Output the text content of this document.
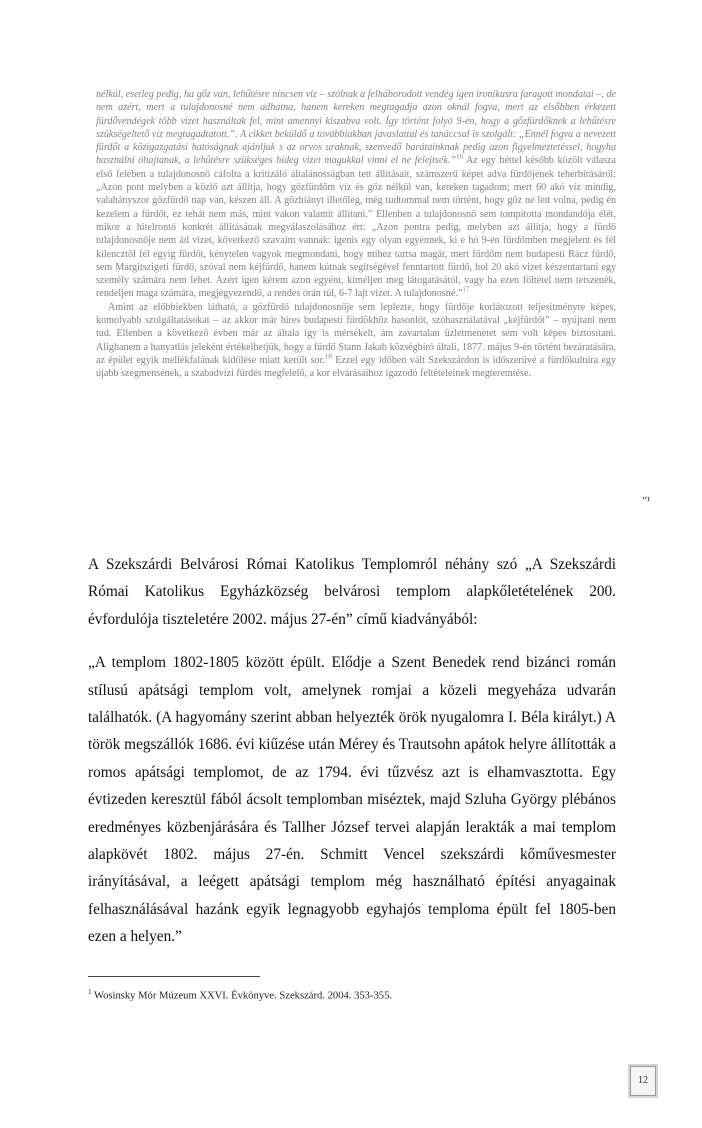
nélkül, esetleg pedig, ha gőz van, lehűtésre nincsen víz – szólnak a felháborodott vendég igen ironikusra faragott mondatai –, de nem azért, mert a tulajdonosné nem adhatna, hanem kereken megtagadja azon oknál fogva, mert az elsőbben érkezett fürdővendégek több vizet használtak fel, mint amennyi kiszabva volt. Így történt folyó 9-én, hogy a gőzfürdőknek a lehűtésre szükségeltető víz megtagadtatott.”. A cikket beküldő a továbbiakban javaslattal és tanáccsal is szolgált: „Ennél fogva a nevezett fürdőt a közigazgatási hatóságnak ajánljuk s az orvos uraknak, szenvedő barátainknak pedig azon figyelmeztetéssel, hogyha használni óhajtanak, a lehűtésre szükséges hideg vizet magukkal vinni el ne felejtsék.”$^{16}$ Az egy héttel később közölt válasza első felében a tulajdonosnő cáfolta a kritizáló általánosságban tett állításait, számszerű képet adva fürdőjének teherbírásáról: „Azon pont melyben a közlő azt állítja, hogy gőzfürdőm víz és gőz nélkül van, kereken tagadom; mert 60 akó víz mindig, valahányszor gőzfürdő nap van, készen áll. A gőzhiányt illetőleg, még tudtommal nem történt, hogy gőz ne lett volna, pedig én kezelem a fürdőt, ez tehát nem más, mint vakon valamit állítani.” Ellenben a tulajdonosnő sem tompította mondandója élét, mikor a hitelrontó konkrét állításának megválaszolásához ért: „Azon pontra pedig, melyben azt állítja, hogy a fürdő tulajdonosnője nem ád vizet, következő szavaim vannak: igenis egy olyan egyénnek, ki e hó 9-én fürdőmben megjelent és fél kilencztől fél egyig fürdőt, kénytelen vagyok megmondani, hogy mihez tartsa magát, mert fürdőm nem budapesti Rácz fürdő, sem Margitszigeti fürdő, szóval nem kéjfürdő, hanem kútnak segítségével fenntartott fürdő, hol 20 akó vizet készentartani egy személy számára nem lehet. Azért igen kérem azon egyént, kíméljen meg látogatásától, vagy ha ezen föltétel nem tetszenék, rendeljen maga számára, megjegyezendő, a rendes órán túl, 6-7 lajt vizet. A tulajdonosné.”$^{17}$

Amint az előbbiekben látható, a gőzfürdő tulajdonosnője sem leplezte, hogy fürdője korlátozott teljesítményre képes, komolyabb szolgáltatásokat – az akkor már híres budapesti fürdőkhöz hasonlót, szóhasználatával „kéjfürdőt” – nyújtani nem tud. Ellenben a következő évben már az általa így is mérsékelt, ám zavartalan üzletmenetet sem volt képes biztosítani. Alighanem a hanyatlás jeleként értékelhetjük, hogy a fürdő Stann Jakab községbíró általi, 1877. május 9-én történt bezáratására, az épület egyik mellékfalának kidőlése miatt került sor.$^{18}$ Ezzel egy időben vált Szekszárdon is időszerűvé a fürdőkultúra egy újabb szegmensének, a szabadvízi fürdés megfelelő, a kor elvárásaihoz igazodó feltételeinek megteremtése.

”¹

A Szekszárdi Belvárosi Római Katolikus Templomról néhány szó „A Szekszárdi Római Katolikus Egyházközség belvárosi templom alapkőletételének 200. évfordulója tiszteletére 2002. május 27-én” című kiadványából:

„A templom 1802-1805 között épült. Elődje a Szent Benedek rend bizánci román stílusú apátsági templom volt, amelynek romjai a közeli megyeháza udvarán találhatók. (A hagyomány szerint abban helyezték örök nyugalomra I. Béla királyt.) A török megszállók 1686. évi kiűzése után Mérey és Trautsohn apátok helyre állították a romos apátsági templomot, de az 1794. évi tűzvész azt is elhamvasztotta. Egy évtizeden keresztül fából ácsolt templomban miséztek, majd Szluha György plébános eredményes közbenjárására és Tallher József tervei alapján lerakták a mai templom alapkövét 1802. május 27-én. Schmitt Vencel szekszárdi kőművesmester irányításával, a leégett apátsági templom még használható építési anyagainak felhasználásával hazánk egyik legnagyobb egyhajós temploma épült fel 1805-ben ezen a helyen.”

$^1$ Wosinsky Mór Múzeum XXVI. Évkönyve. Szekszárd. 2004. 353-355.
12
